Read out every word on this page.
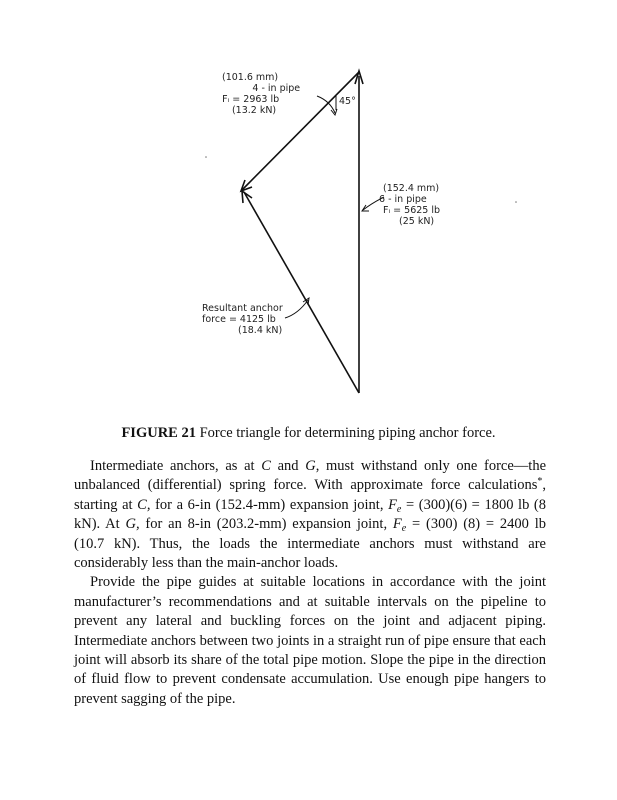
(101.6 mm)
4 - in pipe
Fᵢ = 2963 lb
(13.2 kN)
45°
(152.4 mm)
6 - in pipe
Fᵢ = 5625 lb
(25 kN)
Resultant anchor
force = 4125 lb
(18.4 kN)
FIGURE 21 Force triangle for determining piping anchor force.

Intermediate anchors, as at C and G, must withstand only one force—the unbalanced (differential) spring force. With approximate force calculations*, starting at C, for a 6-in (152.4-mm) expansion joint, $F_e = (300)(6) = 1800$ lb (8 kN). At G, for an 8-in (203.2-mm) expansion joint, $F_e = (300) (8) = 2400$ lb (10.7 kN). Thus, the loads the intermediate anchors must withstand are considerably less than the main-anchor loads.

Provide the pipe guides at suitable locations in accordance with the joint manufacturer’s recommendations and at suitable intervals on the pipeline to prevent any lateral and buckling forces on the joint and adjacent piping. Intermediate anchors between two joints in a straight run of pipe ensure that each joint will absorb its share of the total pipe motion. Slope the pipe in the direction of fluid flow to prevent condensate accumulation. Use enough pipe hangers to prevent sagging of the pipe.
